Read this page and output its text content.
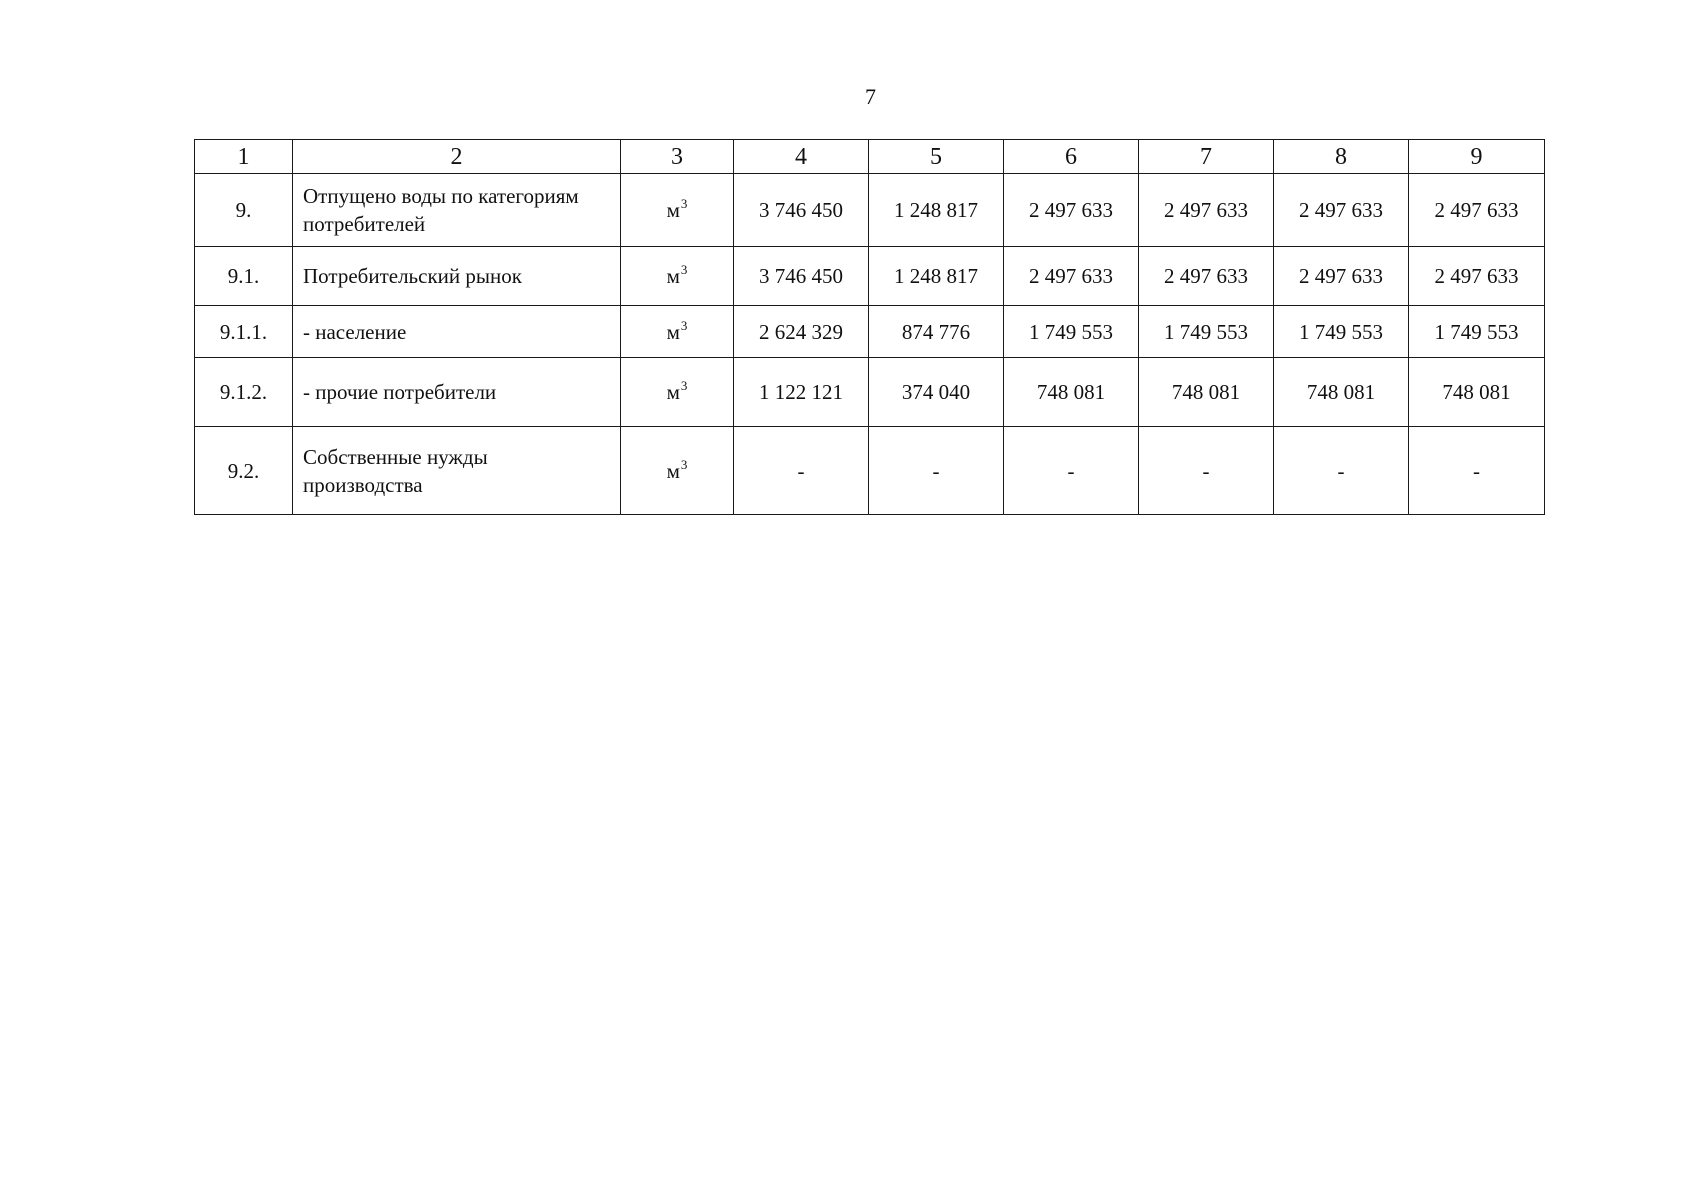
7
1	2	3	4	5	6	7	8	9
9.	Отпущено воды по категориям потребителей	$м^3$	3 746 450	1 248 817	2 497 633	2 497 633	2 497 633	2 497 633
9.1.	Потребительский рынок	$м^3$	3 746 450	1 248 817	2 497 633	2 497 633	2 497 633	2 497 633
9.1.1.	- население	$м^3$	2 624 329	874 776	1 749 553	1 749 553	1 749 553	1 749 553
9.1.2.	- прочие потребители	$м^3$	1 122 121	374 040	748 081	748 081	748 081	748 081
9.2.	Собственные нужды производства	$м^3$	-	-	-	-	-	-
